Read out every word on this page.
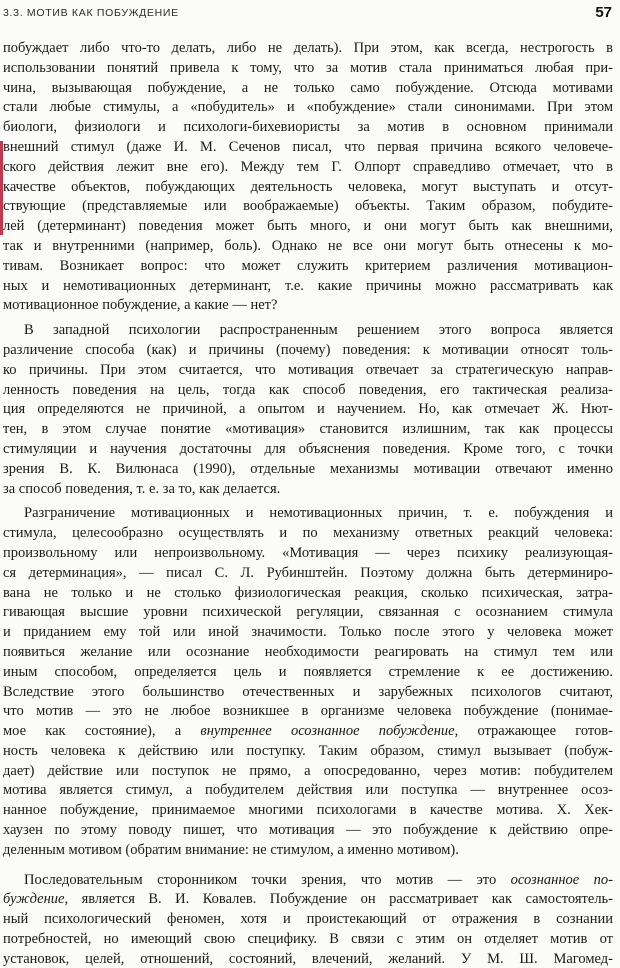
3.3. МОТИВ КАК ПОБУЖДЕНИЕ	57
побуждает либо что-то делать, либо не делать). При этом, как всегда, нестрогость в
использовании понятий привела к тому, что за мотив стала приниматься любая при-
чина, вызывающая побуждение, а не только само побуждение. Отсюда мотивами
стали любые стимулы, а «побудитель» и «побуждение» стали синонимами. При этом
биологи, физиологи и психологи-бихевиористы за мотив в основном принимали
внешний стимул (даже И. М. Сеченов писал, что первая причина всякого человече-
ского действия лежит вне его). Между тем Г. Олпорт справедливо отмечает, что в
качестве объектов, побуждающих деятельность человека, могут выступать и отсут-
ствующие (представляемые или воображаемые) объекты. Таким образом, побудите-
лей (детерминант) поведения может быть много, и они могут быть как внешними,
так и внутренними (например, боль). Однако не все они могут быть отнесены к мо-
тивам. Возникает вопрос: что может служить критерием различения мотивацион-
ных и немотивационных детерминант, т.е. какие причины можно рассматривать как
мотивационное побуждение, а какие — нет?
В западной психологии распространенным решением этого вопроса является
различение способа (как) и причины (почему) поведения: к мотивации относят толь-
ко причины. При этом считается, что мотивация отвечает за стратегическую направ-
ленность поведения на цель, тогда как способ поведения, его тактическая реализа-
ция определяются не причиной, а опытом и научением. Но, как отмечает Ж. Нют-
тен, в этом случае понятие «мотивация» становится излишним, так как процессы
стимуляции и научения достаточны для объяснения поведения. Кроме того, с точки
зрения В. К. Вилюнаса (1990), отдельные механизмы мотивации отвечают именно
за способ поведения, т. е. за то, как делается.
Разграничение мотивационных и немотивационных причин, т. е. побуждения и
стимула, целесообразно осуществлять и по механизму ответных реакций человека:
произвольному или непроизвольному. «Мотивация — через психику реализующая-
ся детерминация», — писал С. Л. Рубинштейн. Поэтому должна быть детерминиро-
вана не только и не столько физиологическая реакция, сколько психическая, затра-
гивающая высшие уровни психической регуляции, связанная с осознанием стимула
и приданием ему той или иной значимости. Только после этого у человека может
появиться желание или осознание необходимости реагировать на стимул тем или
иным способом, определяется цель и появляется стремление к ее достижению.
Вследствие этого большинство отечественных и зарубежных психологов считают,
что мотив — это не любое возникшее в организме человека побуждение (понимае-
мое как состояние), а внутреннее осознанное побуждение, отражающее готов-
ность человека к действию или поступку. Таким образом, стимул вызывает (побуж-
дает) действие или поступок не прямо, а опосредованно, через мотив: побудителем
мотива является стимул, а побудителем действия или поступка — внутреннее осоз-
нанное побуждение, принимаемое многими психологами в качестве мотива. Х. Хек-
хаузен по этому поводу пишет, что мотивация — это побуждение к действию опре-
деленным мотивом (обратим внимание: не стимулом, а именно мотивом).
Последовательным сторонником точки зрения, что мотив — это осознанное по-
буждение, является В. И. Ковалев. Побуждение он рассматривает как самостоятель-
ный психологический феномен, хотя и проистекающий от отражения в сознании
потребностей, но имеющий свою специфику. В связи с этим он отделяет мотив от
установок, целей, отношений, состояний, влечений, желаний. У М. Ш. Магомед-
